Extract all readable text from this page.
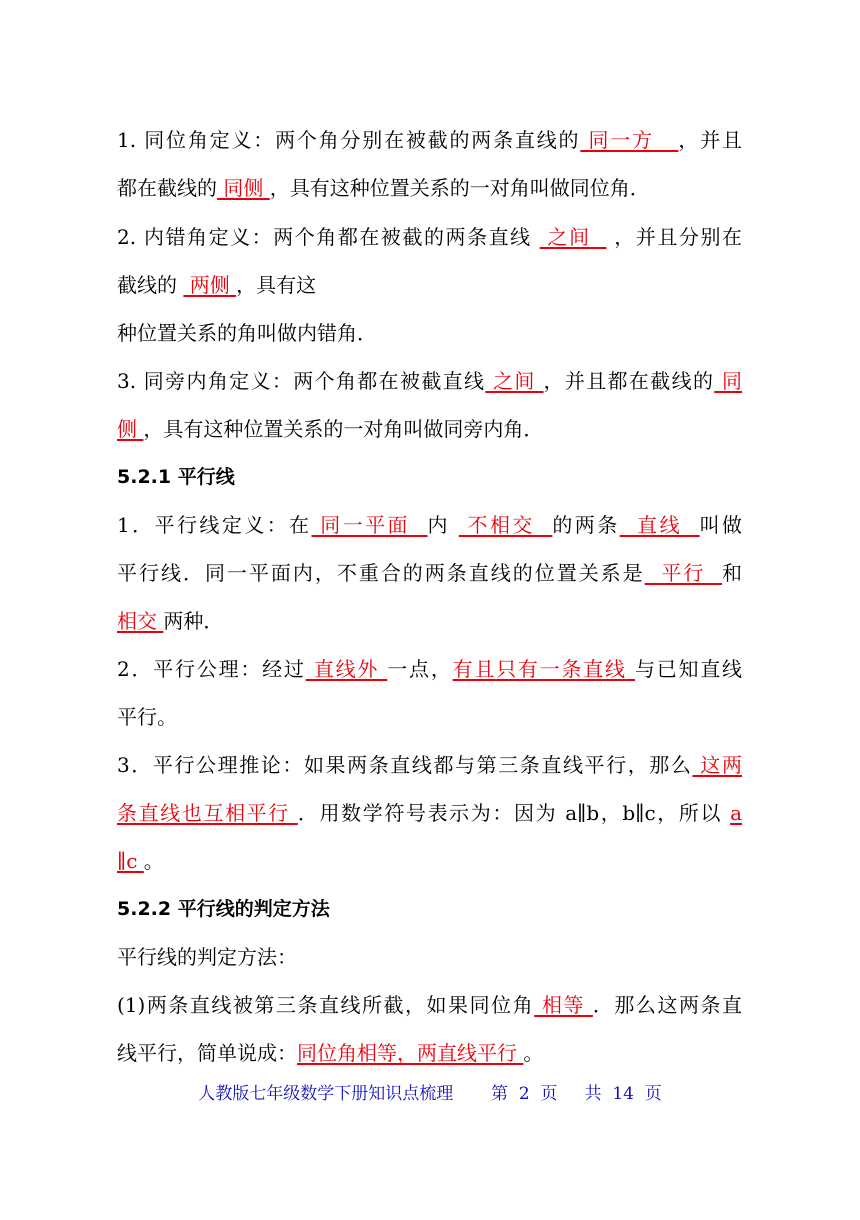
1. 同位角定义：两个角分别在被截的两条直线的 同一方   ，并且
都在截线的 同侧 ，具有这种位置关系的一对角叫做同位角．
2. 内错角定义：两个角都在被截的两条直线  之间   ，并且分别在
截线的  两侧 ，具有这
种位置关系的角叫做内错角．
3. 同旁内角定义：两个角都在被截直线 之间 ，并且都在截线的 同
侧 ，具有这种位置关系的一对角叫做同旁内角．
5.2.1 平行线
1．平行线定义：在 同一平面  内  不相交  的两条  直线  叫做
平行线．同一平面内，不重合的两条直线的位置关系是  平行  和
相交 两种．
2．平行公理：经过 直线外 一点，有且只有一条直线 与已知直线
平行。
3．平行公理推论：如果两条直线都与第三条直线平行，那么 这两
条直线也互相平行 ．用数学符号表示为：因为 a∥b，b∥c，所以 a
∥c 。
5.2.2 平行线的判定方法
平行线的判定方法：
(1)两条直线被第三条直线所截，如果同位角 相等 ．那么这两条直
线平行，简单说成：同位角相等，两直线平行 。
人教版七年级数学下册知识点梳理 第  2  页 共  14  页
